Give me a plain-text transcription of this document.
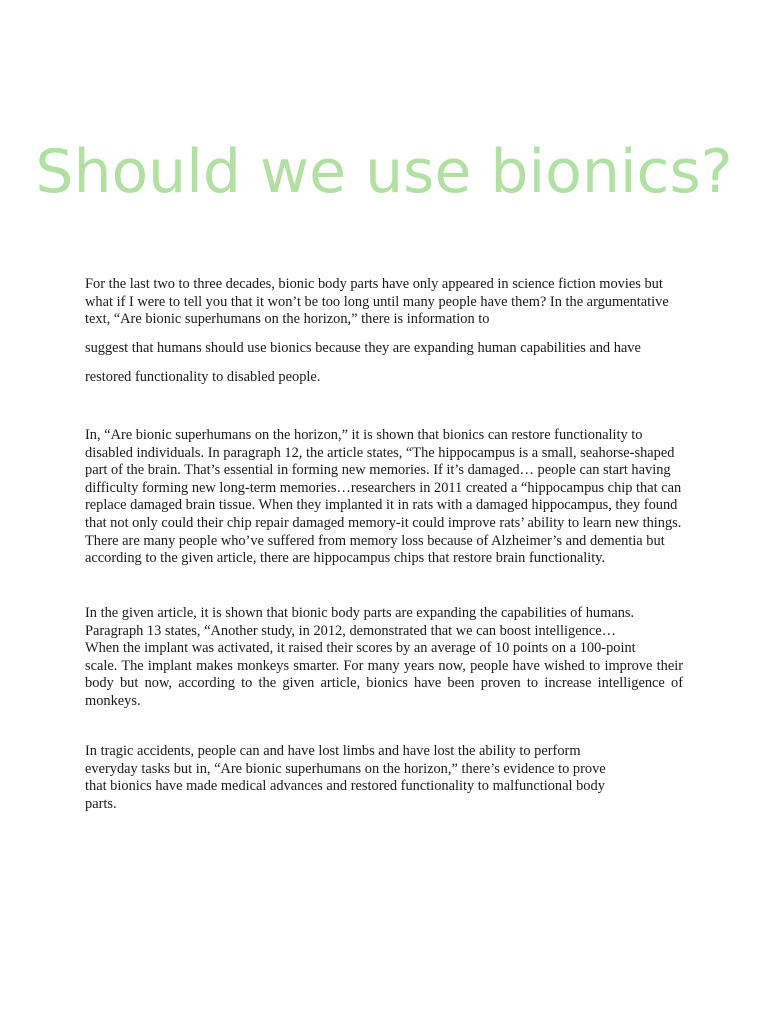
Should we use bionics?

For the last two to three decades, bionic body parts have only appeared in science fiction movies but what if I were to tell you that it won’t be too long until many people have them? In the argumentative text, “Are bionic superhumans on the horizon,” there is information to

suggest that humans should use bionics because they are expanding human capabilities and have

restored functionality to disabled people.

In, “Are bionic superhumans on the horizon,” it is shown that bionics can restore functionality to disabled individuals. In paragraph 12, the article states, “The hippocampus is a small, seahorse-shaped part of the brain. That’s essential in forming new memories. If it’s damaged… people can start having difficulty forming new long-term memories…researchers in 2011 created a “hippocampus chip that can replace damaged brain tissue. When they implanted it in rats with a damaged hippocampus, they found that not only could their chip repair damaged memory-it could improve rats’ ability to learn new things. There are many people who’ve suffered from memory loss because of Alzheimer’s and dementia but according to the given article, there are hippocampus chips that restore brain functionality.

In the given article, it is shown that bionic body parts are expanding the capabilities of humans.
Paragraph 13 states, “Another study, in 2012, demonstrated that we can boost intelligence…
When the implant was activated, it raised their scores by an average of 10 points on a 100-point
scale. The implant makes monkeys smarter. For many years now, people have wished to improve their
body but now, according to the given article, bionics have been proven to increase intelligence of
monkeys.

In tragic accidents, people can and have lost limbs and have lost the ability to perform everyday tasks but in, “Are bionic superhumans on the horizon,” there’s evidence to prove that bionics have made medical advances and restored functionality to malfunctional body parts.
